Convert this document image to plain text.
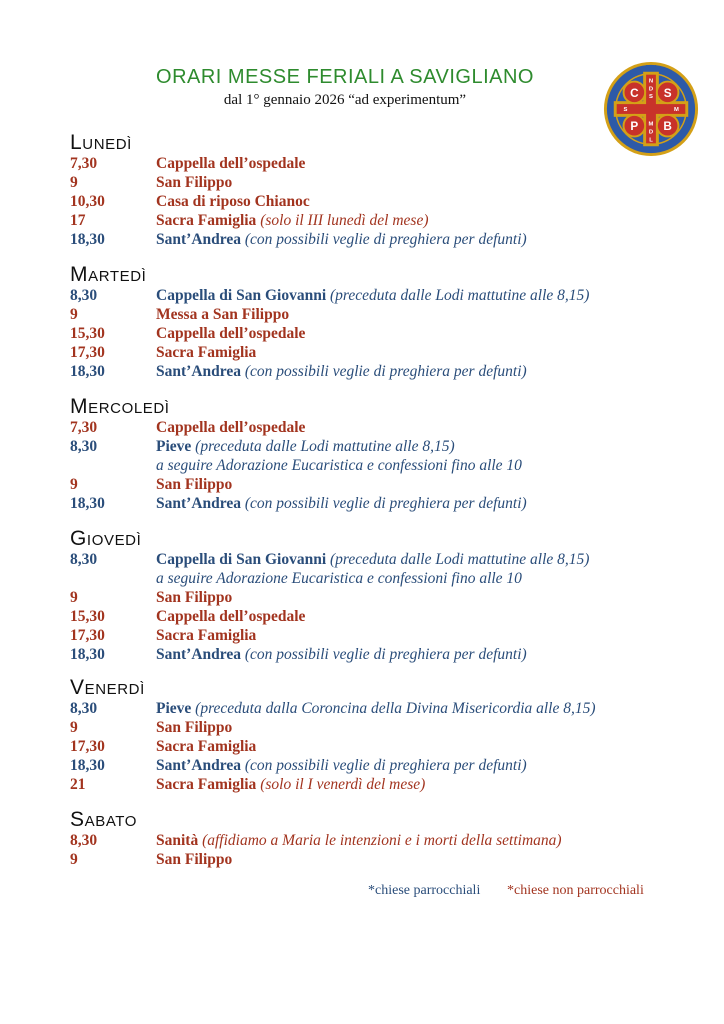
ORARI MESSE FERIALI A SAVIGLIANO
dal 1° gennaio 2026 “ad experimentum”	C S
P B
N
D
S
M
D
S	M
L
PAX
Lunedì
7,30	Cappella dell’ospedale
9	San Filippo
10,30	Casa di riposo Chianoc
17	Sacra Famiglia (solo il III lunedì del mese)
18,30	Sant’Andrea (con possibili veglie di preghiera per defunti)
Martedì
8,30	Cappella di San Giovanni (preceduta dalle Lodi mattutine alle 8,15)
9	Messa a San Filippo
15,30	Cappella dell’ospedale
17,30	Sacra Famiglia
18,30	Sant’Andrea (con possibili veglie di preghiera per defunti)
Mercoledì
7,30	Cappella dell’ospedale
8,30	Pieve (preceduta dalle Lodi mattutine alle 8,15)
a seguire Adorazione Eucaristica e confessioni fino alle 10
9	San Filippo
18,30	Sant’Andrea (con possibili veglie di preghiera per defunti)
Giovedì
8,30	Cappella di San Giovanni (preceduta dalle Lodi mattutine alle 8,15)
a seguire Adorazione Eucaristica e confessioni fino alle 10
9	San Filippo
15,30	Cappella dell’ospedale
17,30	Sacra Famiglia
18,30	Sant’Andrea (con possibili veglie di preghiera per defunti)
Venerdì
8,30	Pieve (preceduta dalla Coroncina della Divina Misericordia alle 8,15)
9	San Filippo
17,30	Sacra Famiglia
18,30	Sant’Andrea (con possibili veglie di preghiera per defunti)
21	Sacra Famiglia (solo il I venerdì del mese)
Sabato
8,30	Sanità (affidiamo a Maria le intenzioni e i morti della settimana)
9	San Filippo
*chiese parrocchiali *chiese non parrocchiali
